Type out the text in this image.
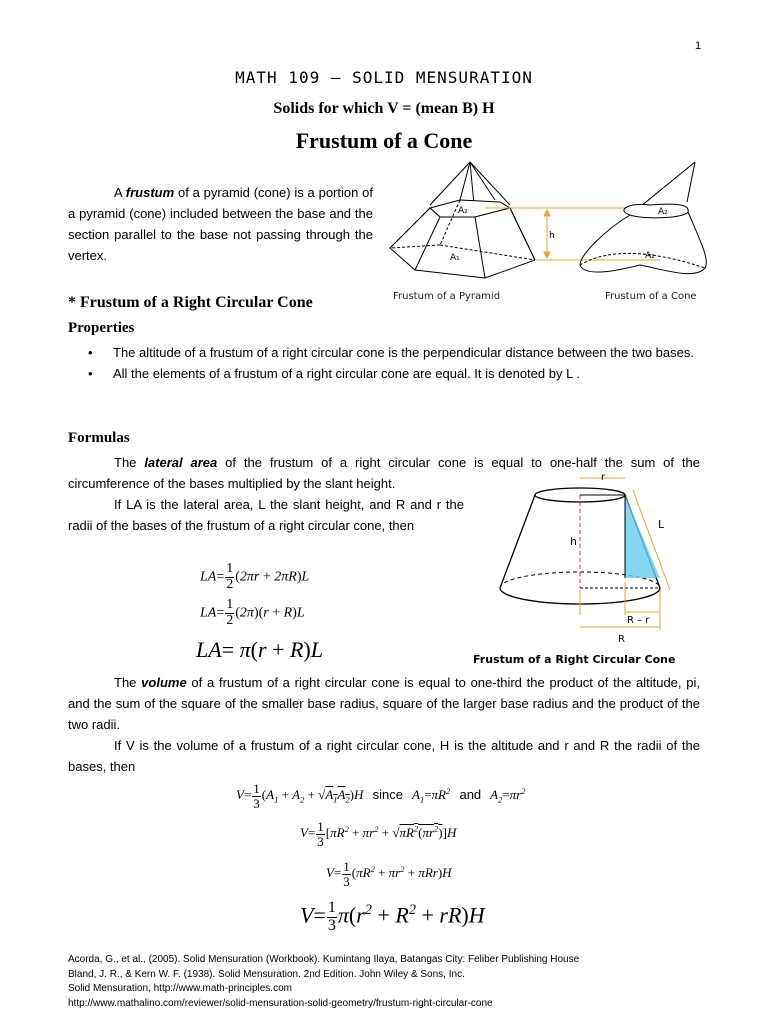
1
MATH 109 – SOLID MENSURATION
Solids for which V = (mean B) H
Frustum of a Cone
A frustum of a pyramid (cone) is a portion of a pyramid (cone) included between the base and the section parallel to the base not passing through the vertex.
A₂
A₁
h
A₂
A₁
Frustum of a Pyramid	Frustum of a Cone
* Frustum of a Right Circular Cone
Properties
• The altitude of a frustum of a right circular cone is the perpendicular distance between the two bases.
• All the elements of a frustum of a right circular cone are equal. It is denoted by L .
Formulas
The lateral area of the frustum of a right circular cone is equal to one-half the sum of the circumference of the bases multiplied by the slant height.
If LA is the lateral area, L the slant height, and R and r the radii of the bases of the frustum of a right circular cone, then
$LA= \frac{1}{2} (2\pi r + 2\pi R)L$
$LA= \frac{1}{2} (2\pi)(r + R)L$
LA= π(r + R)L
h
r
L
R – r
R
Frustum of a Right Circular Cone
The volume of a frustum of a right circular cone is equal to one-third the product of the altitude, pi, and the sum of the square of the smaller base radius, square of the larger base radius and the product of the two radii.
If V is the volume of a frustum of a right circular cone, H is the altitude and r and R the radii of the bases, then
$V= \frac{1}{3} (A_1 + A_2 + √A_1A_2)H$ since $A_1=\pi R^2$ and $A_2=\pi r^2$
$V= \frac{1}{3} [\pi R^2 + \pi r^2 + √\pi R^2(\pi r^2)]H$
$V= \frac{1}{3} (\pi R^2 + \pi r^2 + \pi Rr)H$
$V= \frac{1}{3} \pi(r^2 + R^2 + rR)H$
Acorda, G., et al., (2005). Solid Mensuration (Workbook). Kumintang Ilaya, Batangas City: Feliber Publishing House
Bland, J. R., & Kern W. F. (1938). Solid Mensuration. 2nd Edition. John Wiley & Sons, Inc.
Solid Mensuration, http://www.math-principles.com
http://www.mathalino.com/reviewer/solid-mensuration-solid-geometry/frustum-right-circular-cone
